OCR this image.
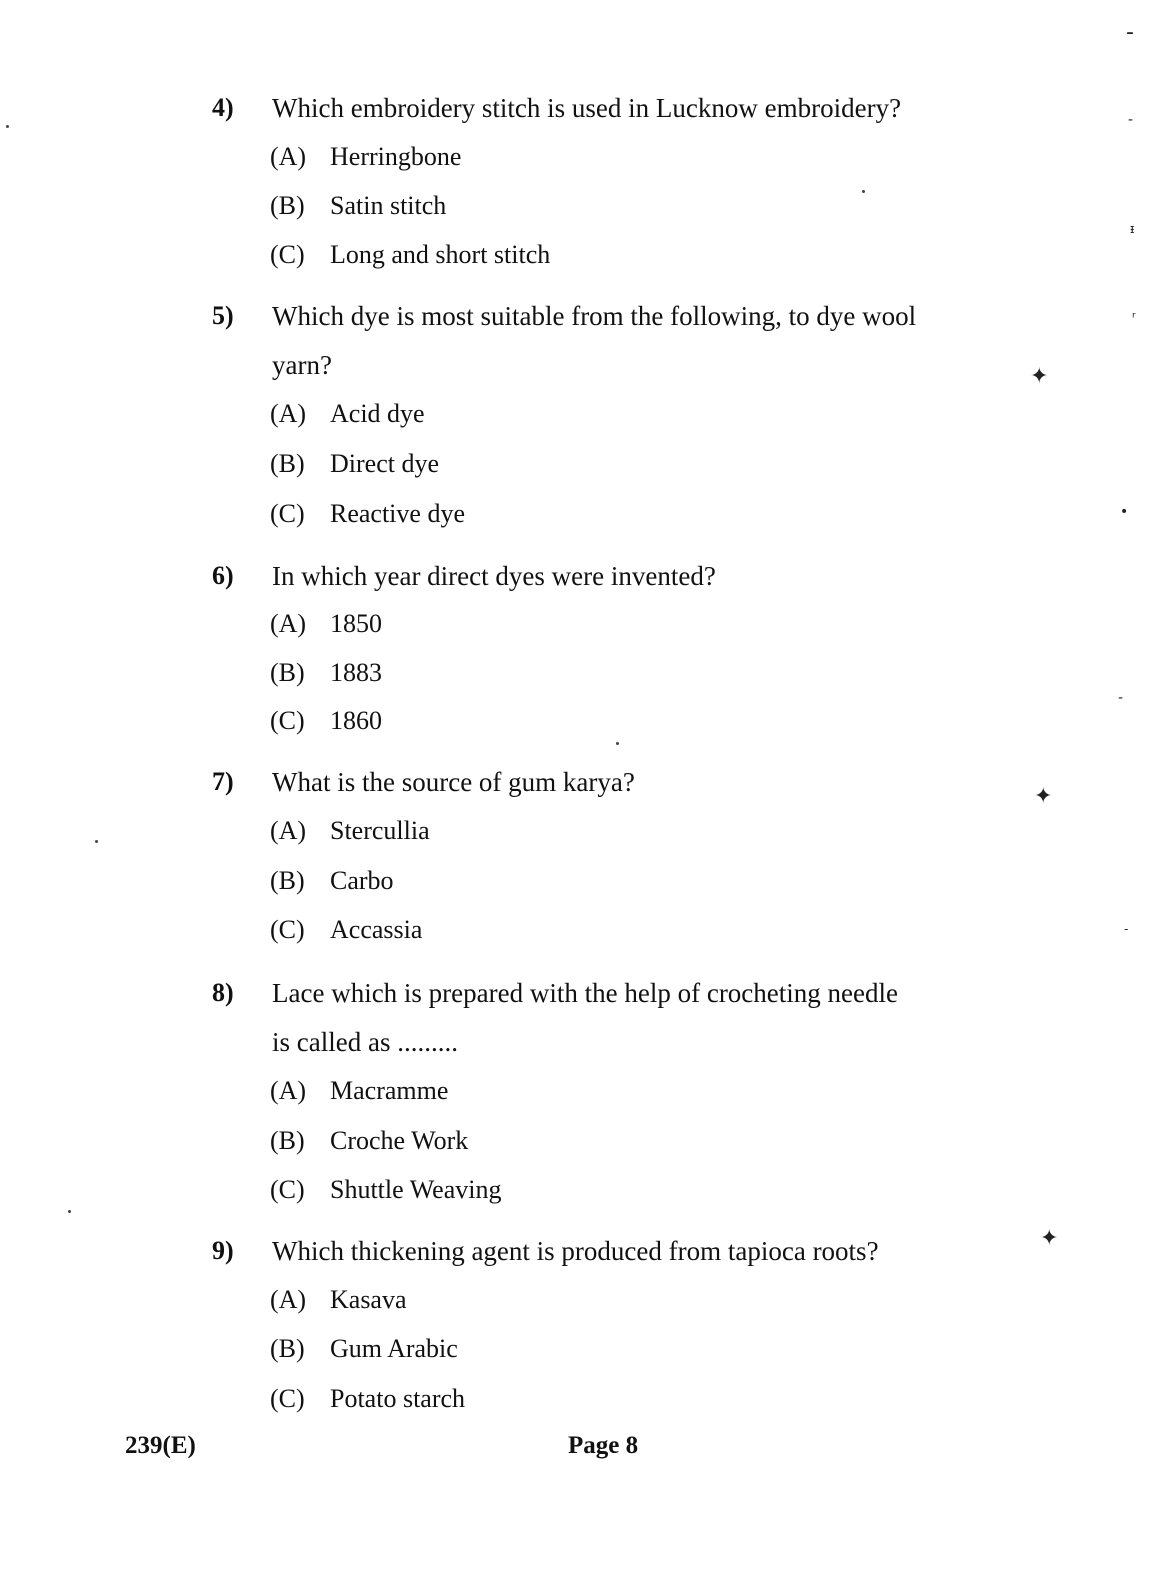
4) Which embroidery stitch is used in Lucknow embroidery?
(A) Herringbone
(B) Satin stitch
(C) Long and short stitch
5) Which dye is most suitable from the following, to dye wool
yarn?
(A) Acid dye
(B) Direct dye
(C) Reactive dye
6) In which year direct dyes were invented?
(A) 1850
(B) 1883
(C) 1860
7) What is the source of gum karya?
(A) Stercullia
(B) Carbo
(C) Accassia
8) Lace which is prepared with the help of crocheting needle
is called as .........
(A) Macramme
(B) Croche Work
(C) Shuttle Weaving
9) Which thickening agent is produced from tapioca roots?
(A) Kasava
(B) Gum Arabic
(C) Potato starch
239(E)	Page 8
-
-
ᵻ
ʳ
✦
•
✦
-
✦
-
